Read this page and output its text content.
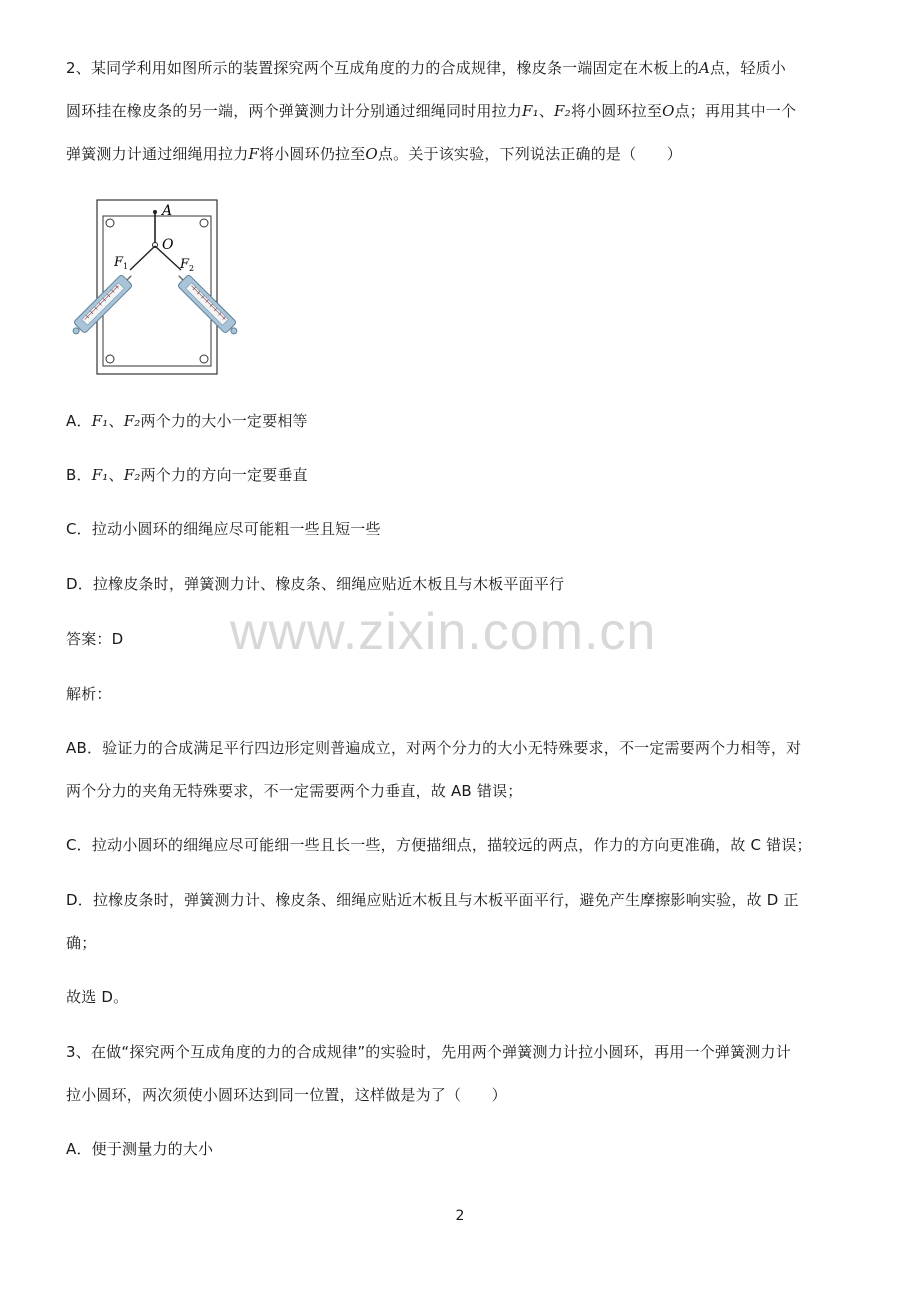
2、某同学利用如图所示的装置探究两个互成角度的力的合成规律，橡皮条一端固定在木板上的A点，轻质小
圆环挂在橡皮条的另一端，两个弹簧测力计分别通过细绳同时用拉力F₁、F₂将小圆环拉至O点；再用其中一个
弹簧测力计通过细绳用拉力F将小圆环仍拉至O点。关于该实验，下列说法正确的是（　　）
A
O
F 1	F 2
A．F₁、F₂两个力的大小一定要相等
B．F₁、F₂两个力的方向一定要垂直
C．拉动小圆环的细绳应尽可能粗一些且短一些
D．拉橡皮条时，弹簧测力计、橡皮条、细绳应贴近木板且与木板平面平行
www.zixin.com.cn
答案：D
解析：
AB．验证力的合成满足平行四边形定则普遍成立，对两个分力的大小无特殊要求，不一定需要两个力相等，对
两个分力的夹角无特殊要求，不一定需要两个力垂直，故 AB 错误；
C．拉动小圆环的细绳应尽可能细一些且长一些，方便描细点，描较远的两点，作力的方向更准确，故 C 错误；
D．拉橡皮条时，弹簧测力计、橡皮条、细绳应贴近木板且与木板平面平行，避免产生摩擦影响实验，故 D 正
确；
故选 D。
3、在做“探究两个互成角度的力的合成规律”的实验时，先用两个弹簧测力计拉小圆环，再用一个弹簧测力计
拉小圆环，两次须使小圆环达到同一位置，这样做是为了（　　）
A．便于测量力的大小
2
